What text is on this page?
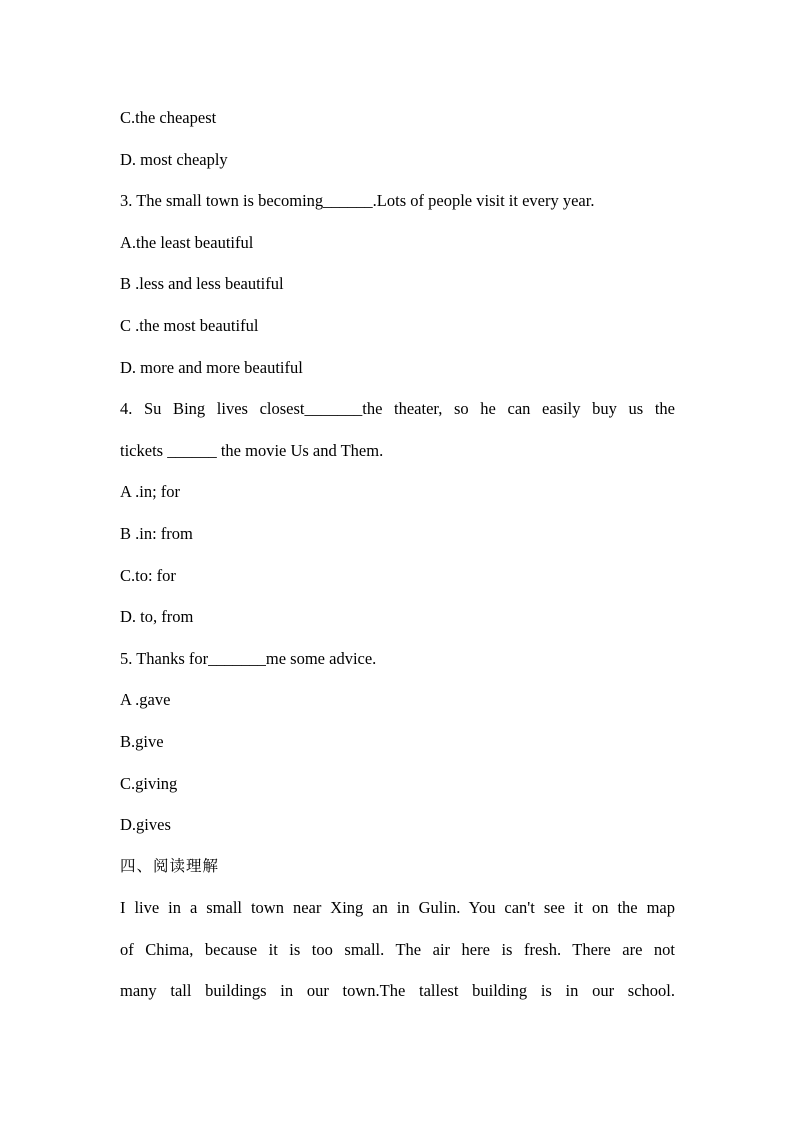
C.the cheapest
D. most cheaply
3. The small town is becoming______.Lots of people visit it every year.
A.the least beautiful
B .less and less beautiful
C .the most beautiful
D. more and more beautiful
4. Su Bing lives closest_______the theater, so he can easily buy us the
tickets ______ the movie Us and Them.
A .in; for
B .in: from
C.to: for
D. to, from
5. Thanks for_______me some advice.
A .gave
B.give
C.giving
D.gives
四、阅读理解
I live in a small town near Xing an in Gulin. You can't see it on the map
of Chima, because it is too small. The air here is fresh. There are not
many tall buildings in our town.The tallest building is in our school.
